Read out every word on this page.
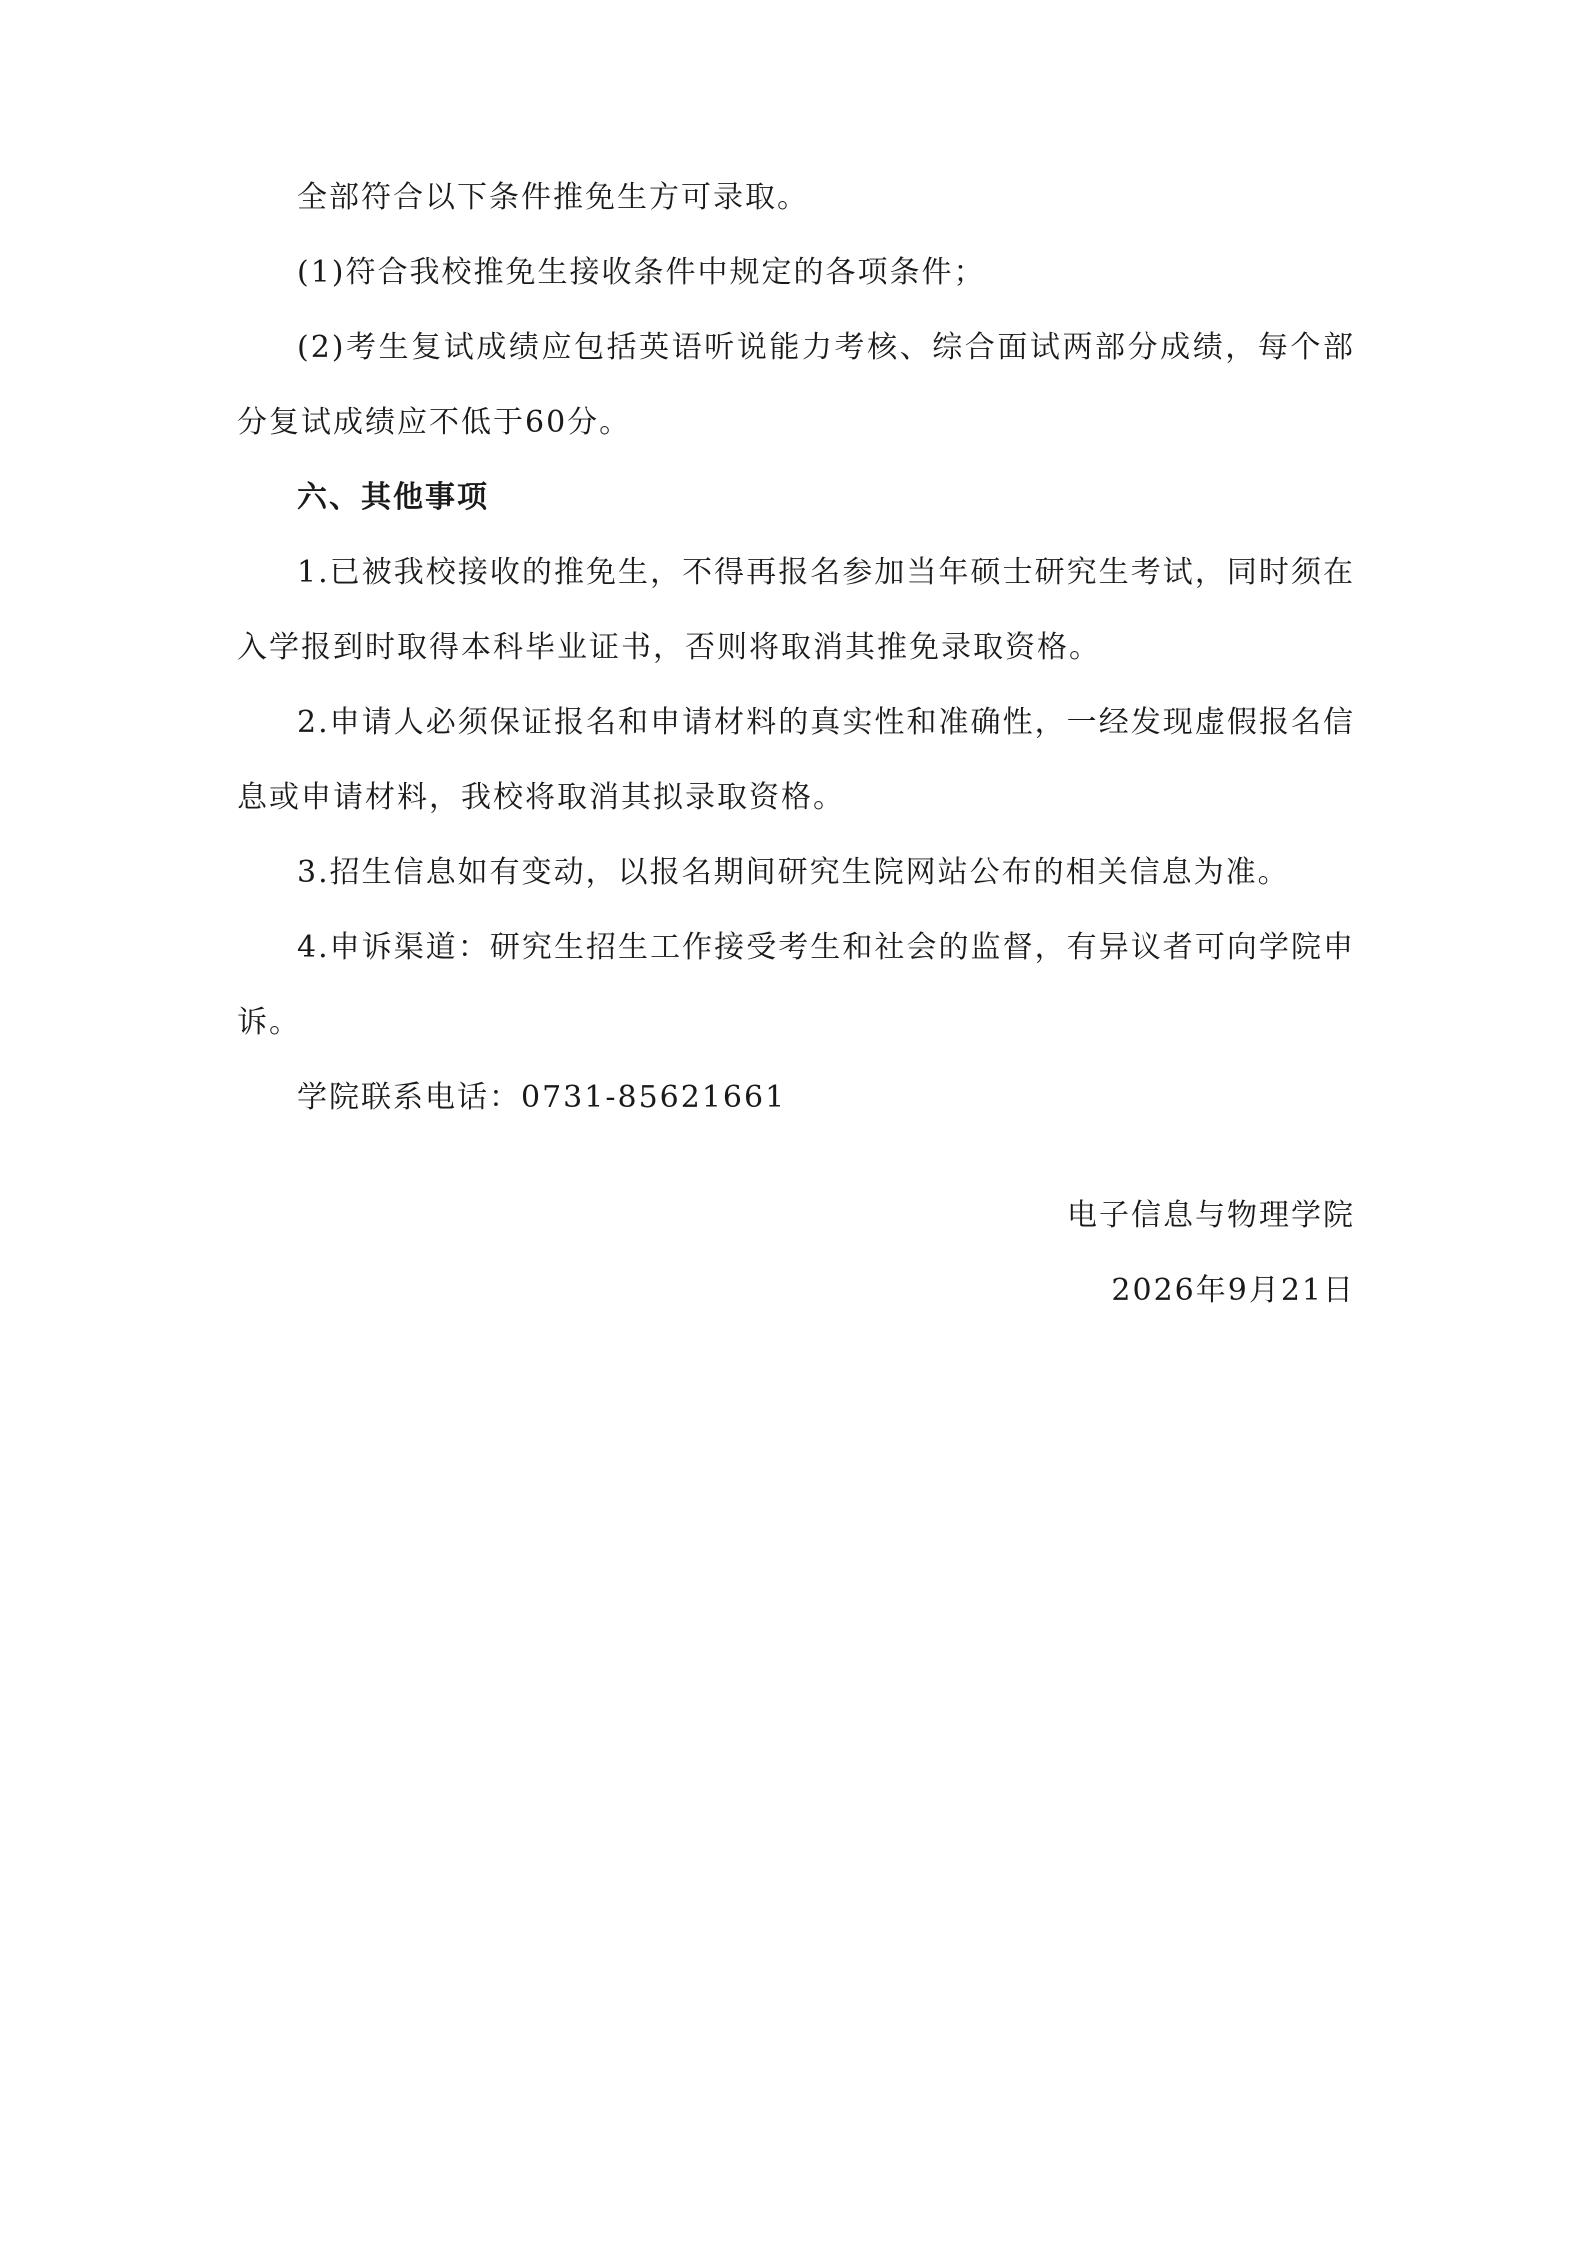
全部符合以下条件推免生方可录取。

(1)符合我校推免生接收条件中规定的各项条件；

(2)考生复试成绩应包括英语听说能力考核、综合面试两部分成绩，每个部分复试成绩应不低于60分。

六、其他事项

1.已被我校接收的推免生，不得再报名参加当年硕士研究生考试，同时须在入学报到时取得本科毕业证书，否则将取消其推免录取资格。

2.申请人必须保证报名和申请材料的真实性和准确性，一经发现虚假报名信息或申请材料，我校将取消其拟录取资格。

3.招生信息如有变动，以报名期间研究生院网站公布的相关信息为准。

4.申诉渠道：研究生招生工作接受考生和社会的监督，有异议者可向学院申诉。

学院联系电话：0731-85621661

电子信息与物理学院

2026年9月21日
